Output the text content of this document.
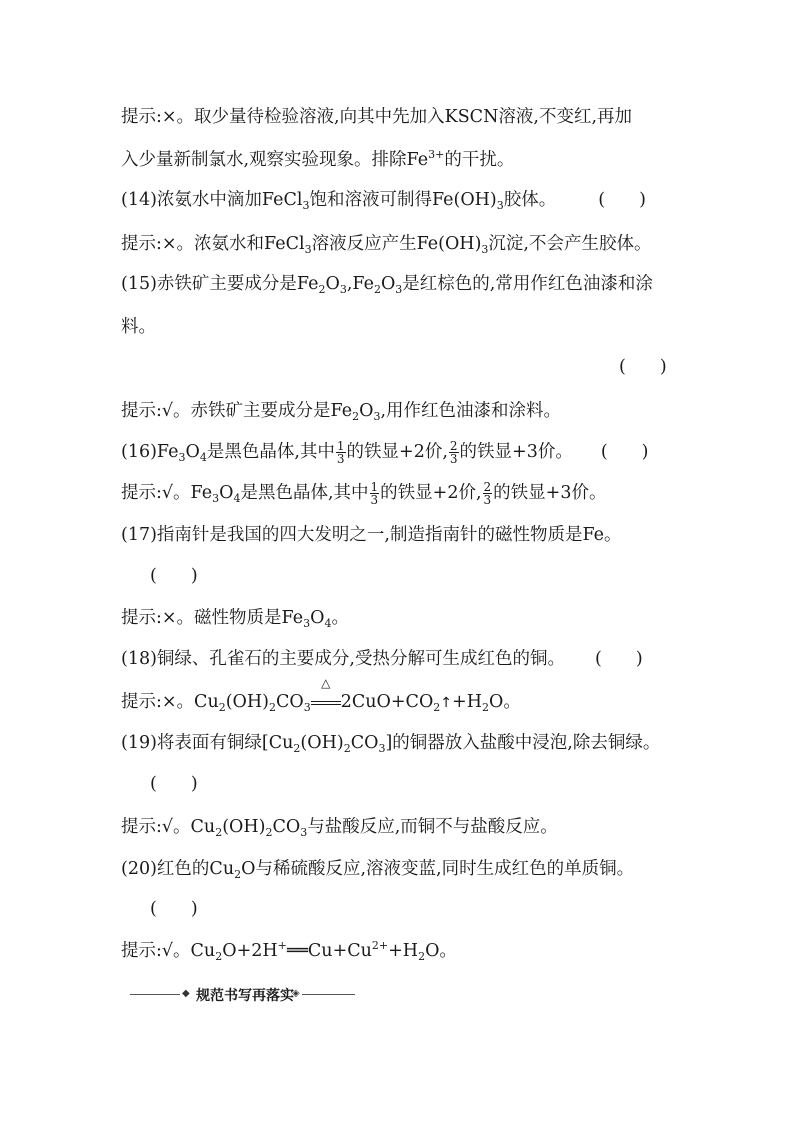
提示:×。取少量待检验溶液,向其中先加入KSCN溶液,不变红,再加
入少量新制氯水,观察实验现象。排除$Fe^{3+}$的干扰。
(14)浓氨水中滴加FeCl$_3$饱和溶液可制得$Fe(OH)_3$胶体。 ( )
提示:×。浓氨水和FeCl$_3$溶液反应产生$Fe(OH)_3$沉淀,不会产生胶体。
(15)赤铁矿主要成分是$Fe_2O_3,Fe_2O_3$是红棕色的,常用作红色油漆和涂
料。
( )
提示:√。赤铁矿主要成分是$Fe_2O_3$,用作红色油漆和涂料。
$(16)Fe_3O_4$是黑色晶体,其中 $\frac{1}{3}$ 的铁显+2价, $\frac{2}{3}$ 的铁显+3价。 ( )
提示:√。$Fe_3O_4$是黑色晶体,其中 $\frac{1}{3}$ 的铁显+2价, $\frac{2}{3}$ 的铁显+3价。
(17)指南针是我国的四大发明之一,制造指南针的磁性物质是Fe。
( )
提示:×。磁性物质是$Fe_3O_4$。
(18)铜绿、孔雀石的主要成分,受热分解可生成红色的铜。 ( )
提示:×。$Cu_2(OH)_2CO_3$
△
$2CuO+CO_2↑+H_2O$。
(19)将表面有铜绿$[Cu_2(OH)_2CO_3]$的铜器放入盐酸中浸泡,除去铜绿。
( )
提示:√。$Cu_2(OH)_2CO_3$与盐酸反应,而铜不与盐酸反应。
(20)红色的$Cu_2O$与稀硫酸反应,溶液变蓝,同时生成红色的单质铜。
( )
提示:√。$Cu_2O+2H^+══Cu+Cu^{2+}+H_2O$。
◆ 规范书写再落实
◈
